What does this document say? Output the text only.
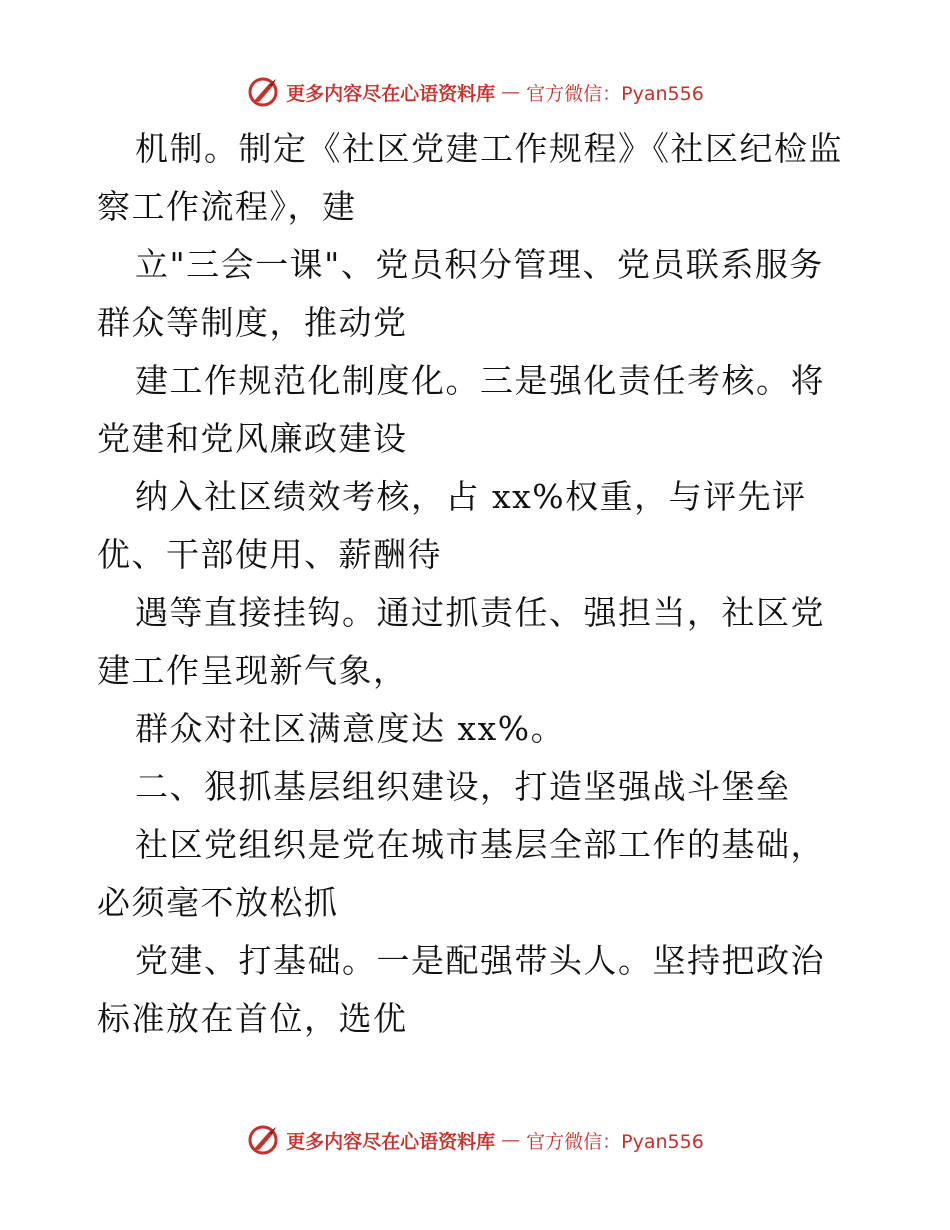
更多内容尽在心语资料库 — 官方微信：Pyan556

机制。制定《社区党建工作规程》《社区纪检监察工作流程》，建

立"三会一课"、党员积分管理、党员联系服务群众等制度，推动党

建工作规范化制度化。三是强化责任考核。将党建和党风廉政建设

纳入社区绩效考核，占 xx%权重，与评先评优、干部使用、薪酬待

遇等直接挂钩。通过抓责任、强担当，社区党建工作呈现新气象，

群众对社区满意度达 xx%。

二、狠抓基层组织建设，打造坚强战斗堡垒

社区党组织是党在城市基层全部工作的基础，必须毫不放松抓

党建、打基础。一是配强带头人。坚持把政治标准放在首位，选优

更多内容尽在心语资料库 — 官方微信：Pyan556
